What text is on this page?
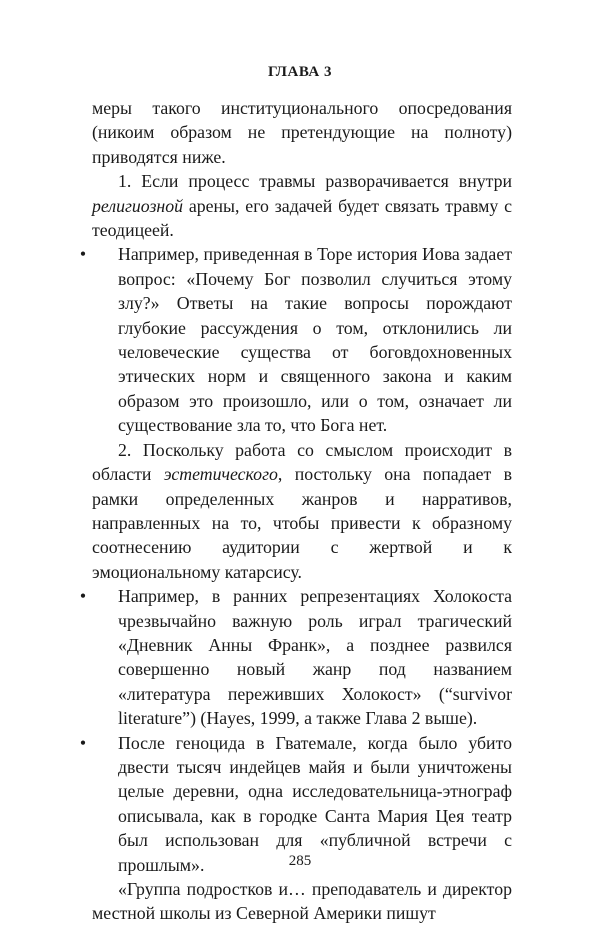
ГЛАВА 3

меры такого институционального опосредования (никоим образом не претендующие на полноту) приводятся ниже.

1. Если процесс травмы разворачивается внутри религиозной арены, его задачей будет связать травму с теодицеей.

• Например, приведенная в Торе история Иова задает вопрос: «Почему Бог позволил случиться этому злу?» Ответы на такие вопросы порождают глубокие рассуждения о том, отклонились ли человеческие существа от боговдохновенных этических норм и священного закона и каким образом это произошло, или о том, означает ли существование зла то, что Бога нет.

2. Поскольку работа со смыслом происходит в области эстетического, постольку она попадает в рамки определенных жанров и нарративов, направленных на то, чтобы привести к образному соотнесению аудитории с жертвой и к эмоциональному катарсису.

• Например, в ранних репрезентациях Холокоста чрезвычайно важную роль играл трагический «Дневник Анны Франк», а позднее развился совершенно новый жанр под названием «литература переживших Холокост» (“survivor literature”) (Hayes, 1999, а также Глава 2 выше).

• После геноцида в Гватемале, когда было убито двести тысяч индейцев майя и были уничтожены целые деревни, одна исследовательница-этнограф описывала, как в городке Санта Мария Цея театр был использован для «публичной встречи с прошлым».

«Группа подростков и… преподаватель и директор местной школы из Северной Америки пишут

285
